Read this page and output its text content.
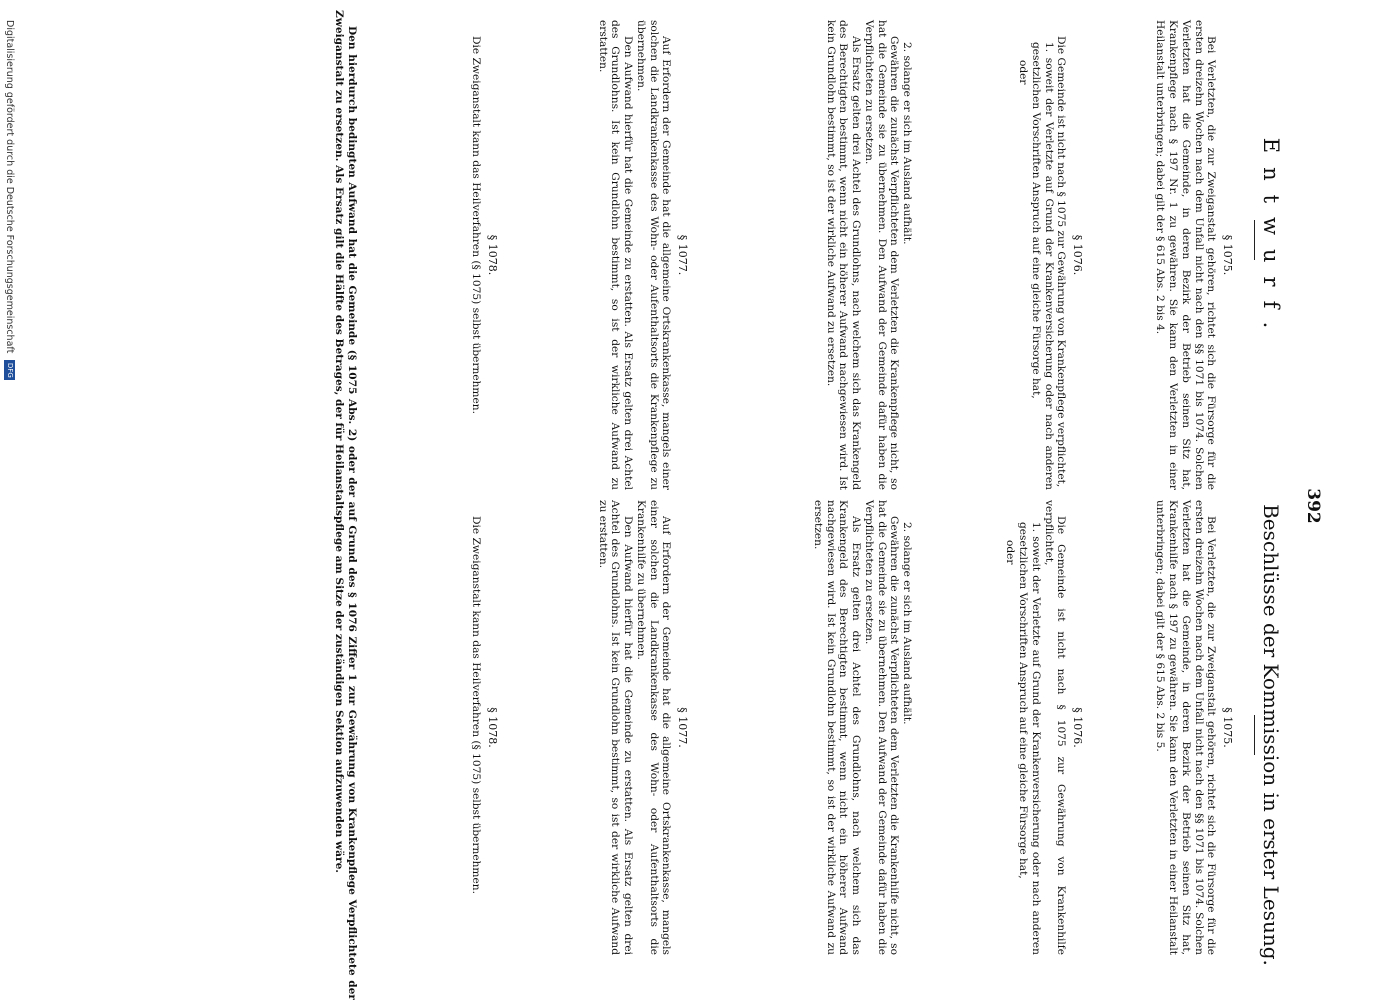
392
Entwurf.
Beschlüsse der Kommission in erster Lesung.
§ 1075.

Bei Verletzten, die zur Zweiganstalt gehören, richtet sich die Fürsorge für die ersten dreizehn Wochen nach dem Unfall nicht nach den §§ 1071 bis 1074. Solchen Verletzten hat die Gemeinde, in deren Bezirk der Betrieb seinen Sitz hat, Krankenpflege nach § 197 Nr. 1 zu gewähren. Sie kann den Verletzten in einer Heilanstalt unterbringen; dabei gilt der § 615 Abs. 2 bis 4.

§ 1076.

Die Gemeinde ist nicht nach § 1075 zur Gewährung von Krankenpflege verpflichtet,

1. soweit der Verletzte auf Grund der Krankenversicherung oder nach anderen gesetzlichen Vorschriften Anspruch auf eine gleiche Fürsorge hat,

oder

2. solange er sich im Ausland aufhält.

Gewähren die zunächst Verpflichteten dem Verletzten die Krankenpflege nicht, so hat die Gemeinde sie zu übernehmen. Den Aufwand der Gemeinde dafür haben die Verpflichteten zu ersetzen.

Als Ersatz gelten drei Achtel des Grundlohns, nach welchem sich das Krankengeld des Berechtigten bestimmt, wenn nicht ein höherer Aufwand nachgewiesen wird. Ist kein Grundlohn bestimmt, so ist der wirkliche Aufwand zu ersetzen.

§ 1077.

Auf Erfordern der Gemeinde hat die allgemeine Ortskrankenkasse, mangels einer solchen die Landkrankenkasse des Wohn- oder Aufenthaltsorts die Krankenpflege zu übernehmen.

Den Aufwand hierfür hat die Gemeinde zu erstatten. Als Ersatz gelten drei Achtel des Grundlohns. Ist kein Grundlohn bestimmt, so ist der wirkliche Aufwand zu erstatten.

§ 1078.

Die Zweiganstalt kann das Heilverfahren (§ 1075) selbst übernehmen.

§ 1075.

Bei Verletzten, die zur Zweiganstalt gehören, richtet sich die Fürsorge für die ersten dreizehn Wochen nach dem Unfall nicht nach den §§ 1071 bis 1074. Solchen Verletzten hat die Gemeinde, in deren Bezirk der Betrieb seinen Sitz hat, Krankenhilfe nach § 197 zu gewähren. Sie kann den Verletzten in einer Heilanstalt unterbringen; dabei gilt der § 615 Abs. 2 bis 5.

§ 1076.

Die Gemeinde ist nicht nach § 1075 zur Gewährung von Krankenhilfe verpflichtet,

1. soweit der Verletzte auf Grund der Krankenversicherung oder nach anderen gesetzlichen Vorschriften Anspruch auf eine gleiche Fürsorge hat,

oder

2. solange er sich im Ausland aufhält.

Gewähren die zunächst Verpflichteten dem Verletzten die Krankenhilfe nicht, so hat die Gemeinde sie zu übernehmen. Den Aufwand der Gemeinde dafür haben die Verpflichteten zu ersetzen.

Als Ersatz gelten drei Achtel des Grundlohns, nach welchem sich das Krankengeld des Berechtigten bestimmt, wenn nicht ein höherer Aufwand nachgewiesen wird. Ist kein Grundlohn bestimmt, so ist der wirkliche Aufwand zu ersetzen.

§ 1077.

Auf Erfordern der Gemeinde hat die allgemeine Ortskrankenkasse, mangels einer solchen die Landkrankenkasse des Wohn- oder Aufenthaltsorts die Krankenhilfe zu übernehmen.

Den Aufwand hierfür hat die Gemeinde zu erstatten. Als Ersatz gelten drei Achtel des Grundlohns. Ist kein Grundlohn bestimmt, so ist der wirkliche Aufwand zu erstatten.

§ 1078.

Die Zweiganstalt kann das Heilverfahren (§ 1075) selbst übernehmen.

Den hierdurch bedingten Aufwand hat die Gemeinde (§ 1075 Abs. 2) oder der auf Grund des § 1076 Ziffer 1 zur Gewährung von Krankenpflege Verpflichtete der Zweiganstalt zu ersetzen. Als Ersatz gilt die Hälfte des Betrages, der für Heilanstaltspflege am Sitze der zuständigen Sektion aufzuwenden wäre.

Digitalisierung gefördert durch die Deutsche Forschungsgemeinschaft DFG
